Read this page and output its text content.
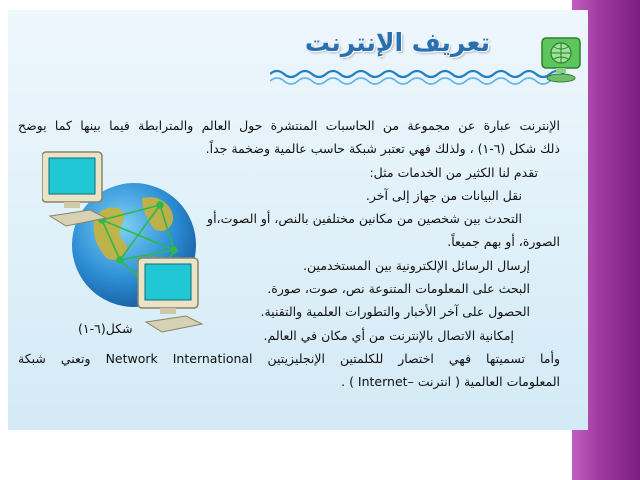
تعريف الإنترنت
الإنترنت عبارة عن مجموعة من الحاسبات المنتشرة حول العالم والمترابطة فيما بينها كما يوضح
ذلك شكل (٦-١) ، ولذلك فهي تعتبر شبكة حاسب عالمية وضخمة جداً.
تقدم لنا الكثير من الخدمات مثل:
نقل البيانات من جهاز إلى آخر.
التحدث بين شخصين من مكانين مختلفين بالنص، أو الصوت،أو
الصورة، أو بهم جميعاً.
إرسال الرسائل الإلكترونية بين المستخدمين.
البحث على المعلومات المتنوعة نص، صوت، صورة.
الحصول على آخر الأخبار والتطورات العلمية والتقنية.
إمكانية الاتصال بالإنترنت من أي مكان في العالم.
وأما تسميتها فهي اختصار للكلمتين الإنجليزيتين Network International وتعني شبكة
المعلومات العالمية ( انترنت –Internet ) .
شكل(٦-١)
